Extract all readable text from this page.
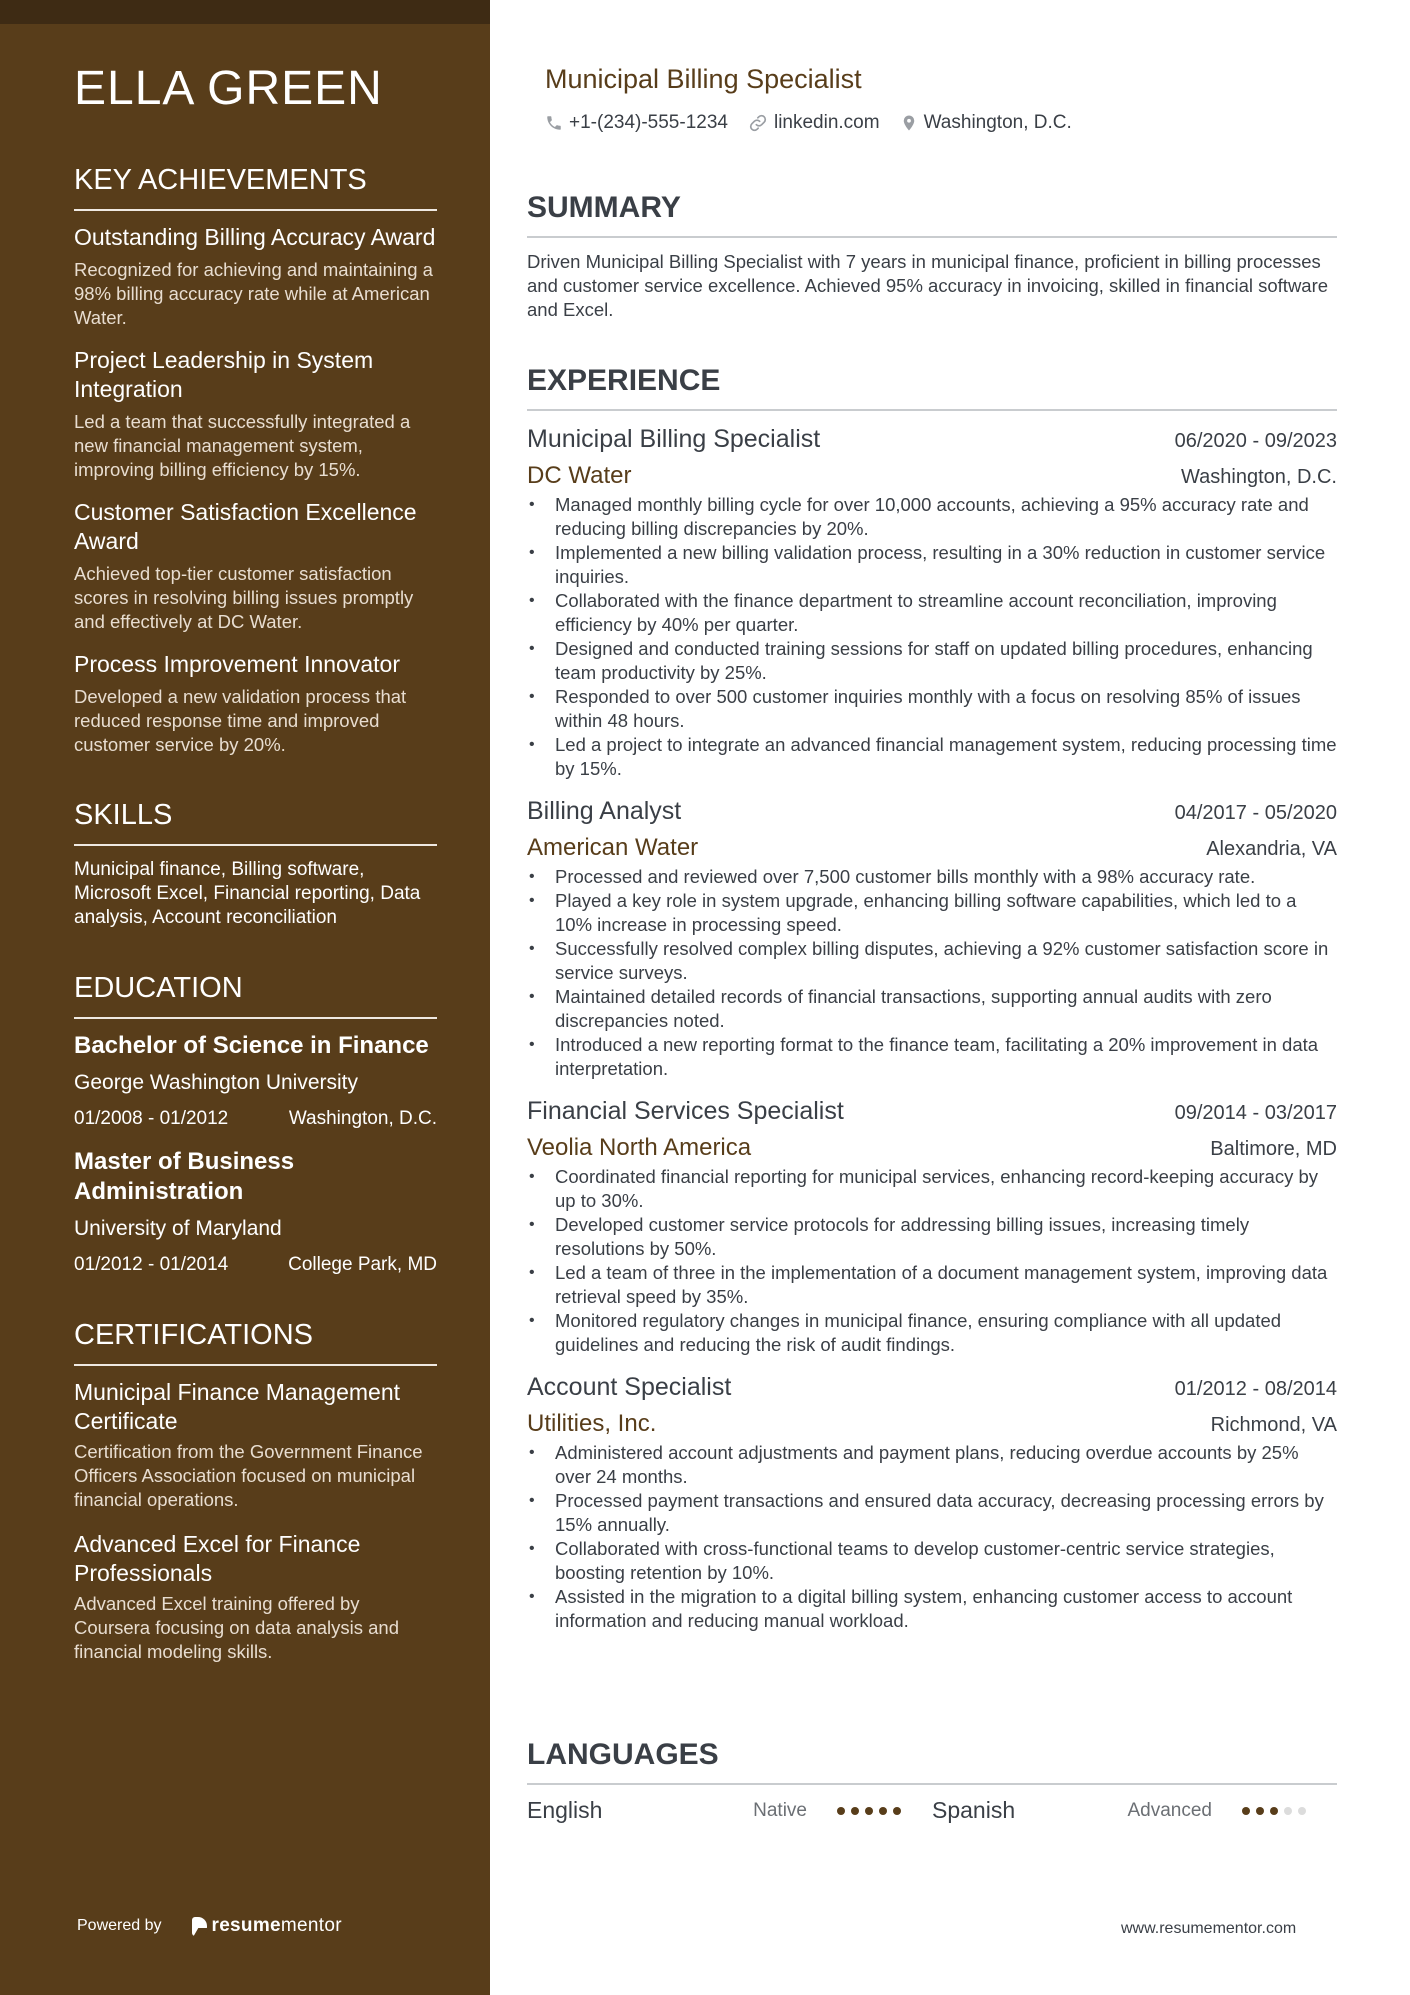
ELLA GREEN
KEY ACHIEVEMENTS
Outstanding Billing Accuracy Award
Recognized for achieving and maintaining a 98% billing accuracy rate while at American Water.
Project Leadership in System Integration
Led a team that successfully integrated a new financial management system, improving billing efficiency by 15%.
Customer Satisfaction Excellence Award
Achieved top-tier customer satisfaction scores in resolving billing issues promptly and effectively at DC Water.
Process Improvement Innovator
Developed a new validation process that reduced response time and improved customer service by 20%.
SKILLS
Municipal finance, Billing software, Microsoft Excel, Financial reporting, Data analysis, Account reconciliation
EDUCATION
Bachelor of Science in Finance
George Washington University
01/2008 - 01/2012	Washington, D.C.
Master of Business Administration
University of Maryland
01/2012 - 01/2014	College Park, MD
CERTIFICATIONS
Municipal Finance Management Certificate
Certification from the Government Finance Officers Association focused on municipal financial operations.
Advanced Excel for Finance Professionals
Advanced Excel training offered by Coursera focusing on data analysis and financial modeling skills.
Powered by	resumementor
Municipal Billing Specialist
+1-(234)-555-1234 linkedin.com Washington, D.C.
SUMMARY

Driven Municipal Billing Specialist with 7 years in municipal finance, proficient in billing processes and customer service excellence. Achieved 95% accuracy in invoicing, skilled in financial software and Excel.

EXPERIENCE
Municipal Billing Specialist	06/2020 - 09/2023
DC Water	Washington, D.C.
• Managed monthly billing cycle for over 10,000 accounts, achieving a 95% accuracy rate and reducing billing discrepancies by 20%.
• Implemented a new billing validation process, resulting in a 30% reduction in customer service inquiries.
• Collaborated with the finance department to streamline account reconciliation, improving efficiency by 40% per quarter.
• Designed and conducted training sessions for staff on updated billing procedures, enhancing team productivity by 25%.
• Responded to over 500 customer inquiries monthly with a focus on resolving 85% of issues within 48 hours.
• Led a project to integrate an advanced financial management system, reducing processing time by 15%.
Billing Analyst	04/2017 - 05/2020
American Water	Alexandria, VA
• Processed and reviewed over 7,500 customer bills monthly with a 98% accuracy rate.
• Played a key role in system upgrade, enhancing billing software capabilities, which led to a 10% increase in processing speed.
• Successfully resolved complex billing disputes, achieving a 92% customer satisfaction score in service surveys.
• Maintained detailed records of financial transactions, supporting annual audits with zero discrepancies noted.
• Introduced a new reporting format to the finance team, facilitating a 20% improvement in data interpretation.
Financial Services Specialist	09/2014 - 03/2017
Veolia North America	Baltimore, MD
• Coordinated financial reporting for municipal services, enhancing record-keeping accuracy by up to 30%.
• Developed customer service protocols for addressing billing issues, increasing timely resolutions by 50%.
• Led a team of three in the implementation of a document management system, improving data retrieval speed by 35%.
• Monitored regulatory changes in municipal finance, ensuring compliance with all updated guidelines and reducing the risk of audit findings.
Account Specialist	01/2012 - 08/2014
Utilities, Inc.	Richmond, VA
• Administered account adjustments and payment plans, reducing overdue accounts by 25% over 24 months.
• Processed payment transactions and ensured data accuracy, decreasing processing errors by 15% annually.
• Collaborated with cross-functional teams to develop customer-centric service strategies, boosting retention by 10%.
• Assisted in the migration to a digital billing system, enhancing customer access to account information and reducing manual workload.
LANGUAGES
English	Native	Spanish	Advanced
www.resumementor.com
